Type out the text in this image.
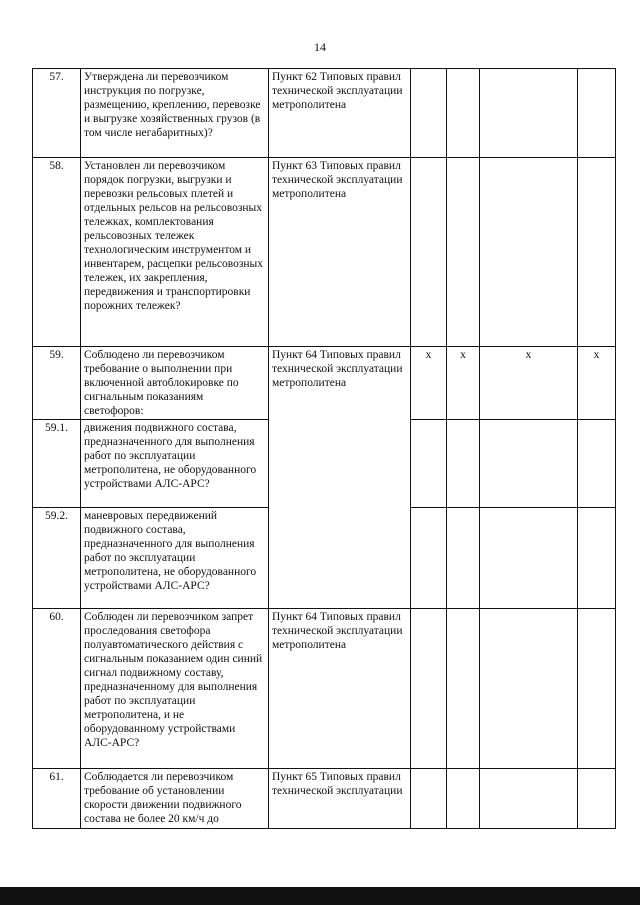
14
57.	Утверждена ли перевозчиком инструкция по погрузке, размещению, креплению, перевозке и выгрузке хозяйственных грузов (в том числе негабаритных)?	Пункт 62 Типовых правил технической эксплуатации метрополитена				
58.	Установлен ли перевозчиком порядок погрузки, выгрузки и перевозки рельсовых плетей и отдельных рельсов на рельсовозных тележках, комплектования рельсовозных тележек технологическим инструментом и инвентарем, расцепки рельсовозных тележек, их закрепления, передвижения и транспортировки порожних тележек?	Пункт 63 Типовых правил технической эксплуатации метрополитена				
59.	Соблюдено ли перевозчиком требование о выполнении при включенной автоблокировке по сигнальным показаниям светофоров:	Пункт 64 Типовых правил технической эксплуатации метрополитена	x	x	x	x
59.1.	движения подвижного состава, предназначенного для выполнения работ по эксплуатации метрополитена, не оборудованного устройствами АЛС-АРС?					
59.2.	маневровых передвижений подвижного состава, предназначенного для выполнения работ по эксплуатации метрополитена, не оборудованного устройствами АЛС-АРС?					
60.	Соблюден ли перевозчиком запрет проследования светофора полуавтоматического действия с сигнальным показанием один синий сигнал подвижному составу, предназначенному для выполнения работ по эксплуатации метрополитена, и не оборудованному устройствами АЛС-АРС?	Пункт 64 Типовых правил технической эксплуатации метрополитена				
61.	Соблюдается ли перевозчиком требование об установлении скорости движении подвижного состава не более 20 км/ч до	Пункт 65 Типовых правил технической эксплуатации				
